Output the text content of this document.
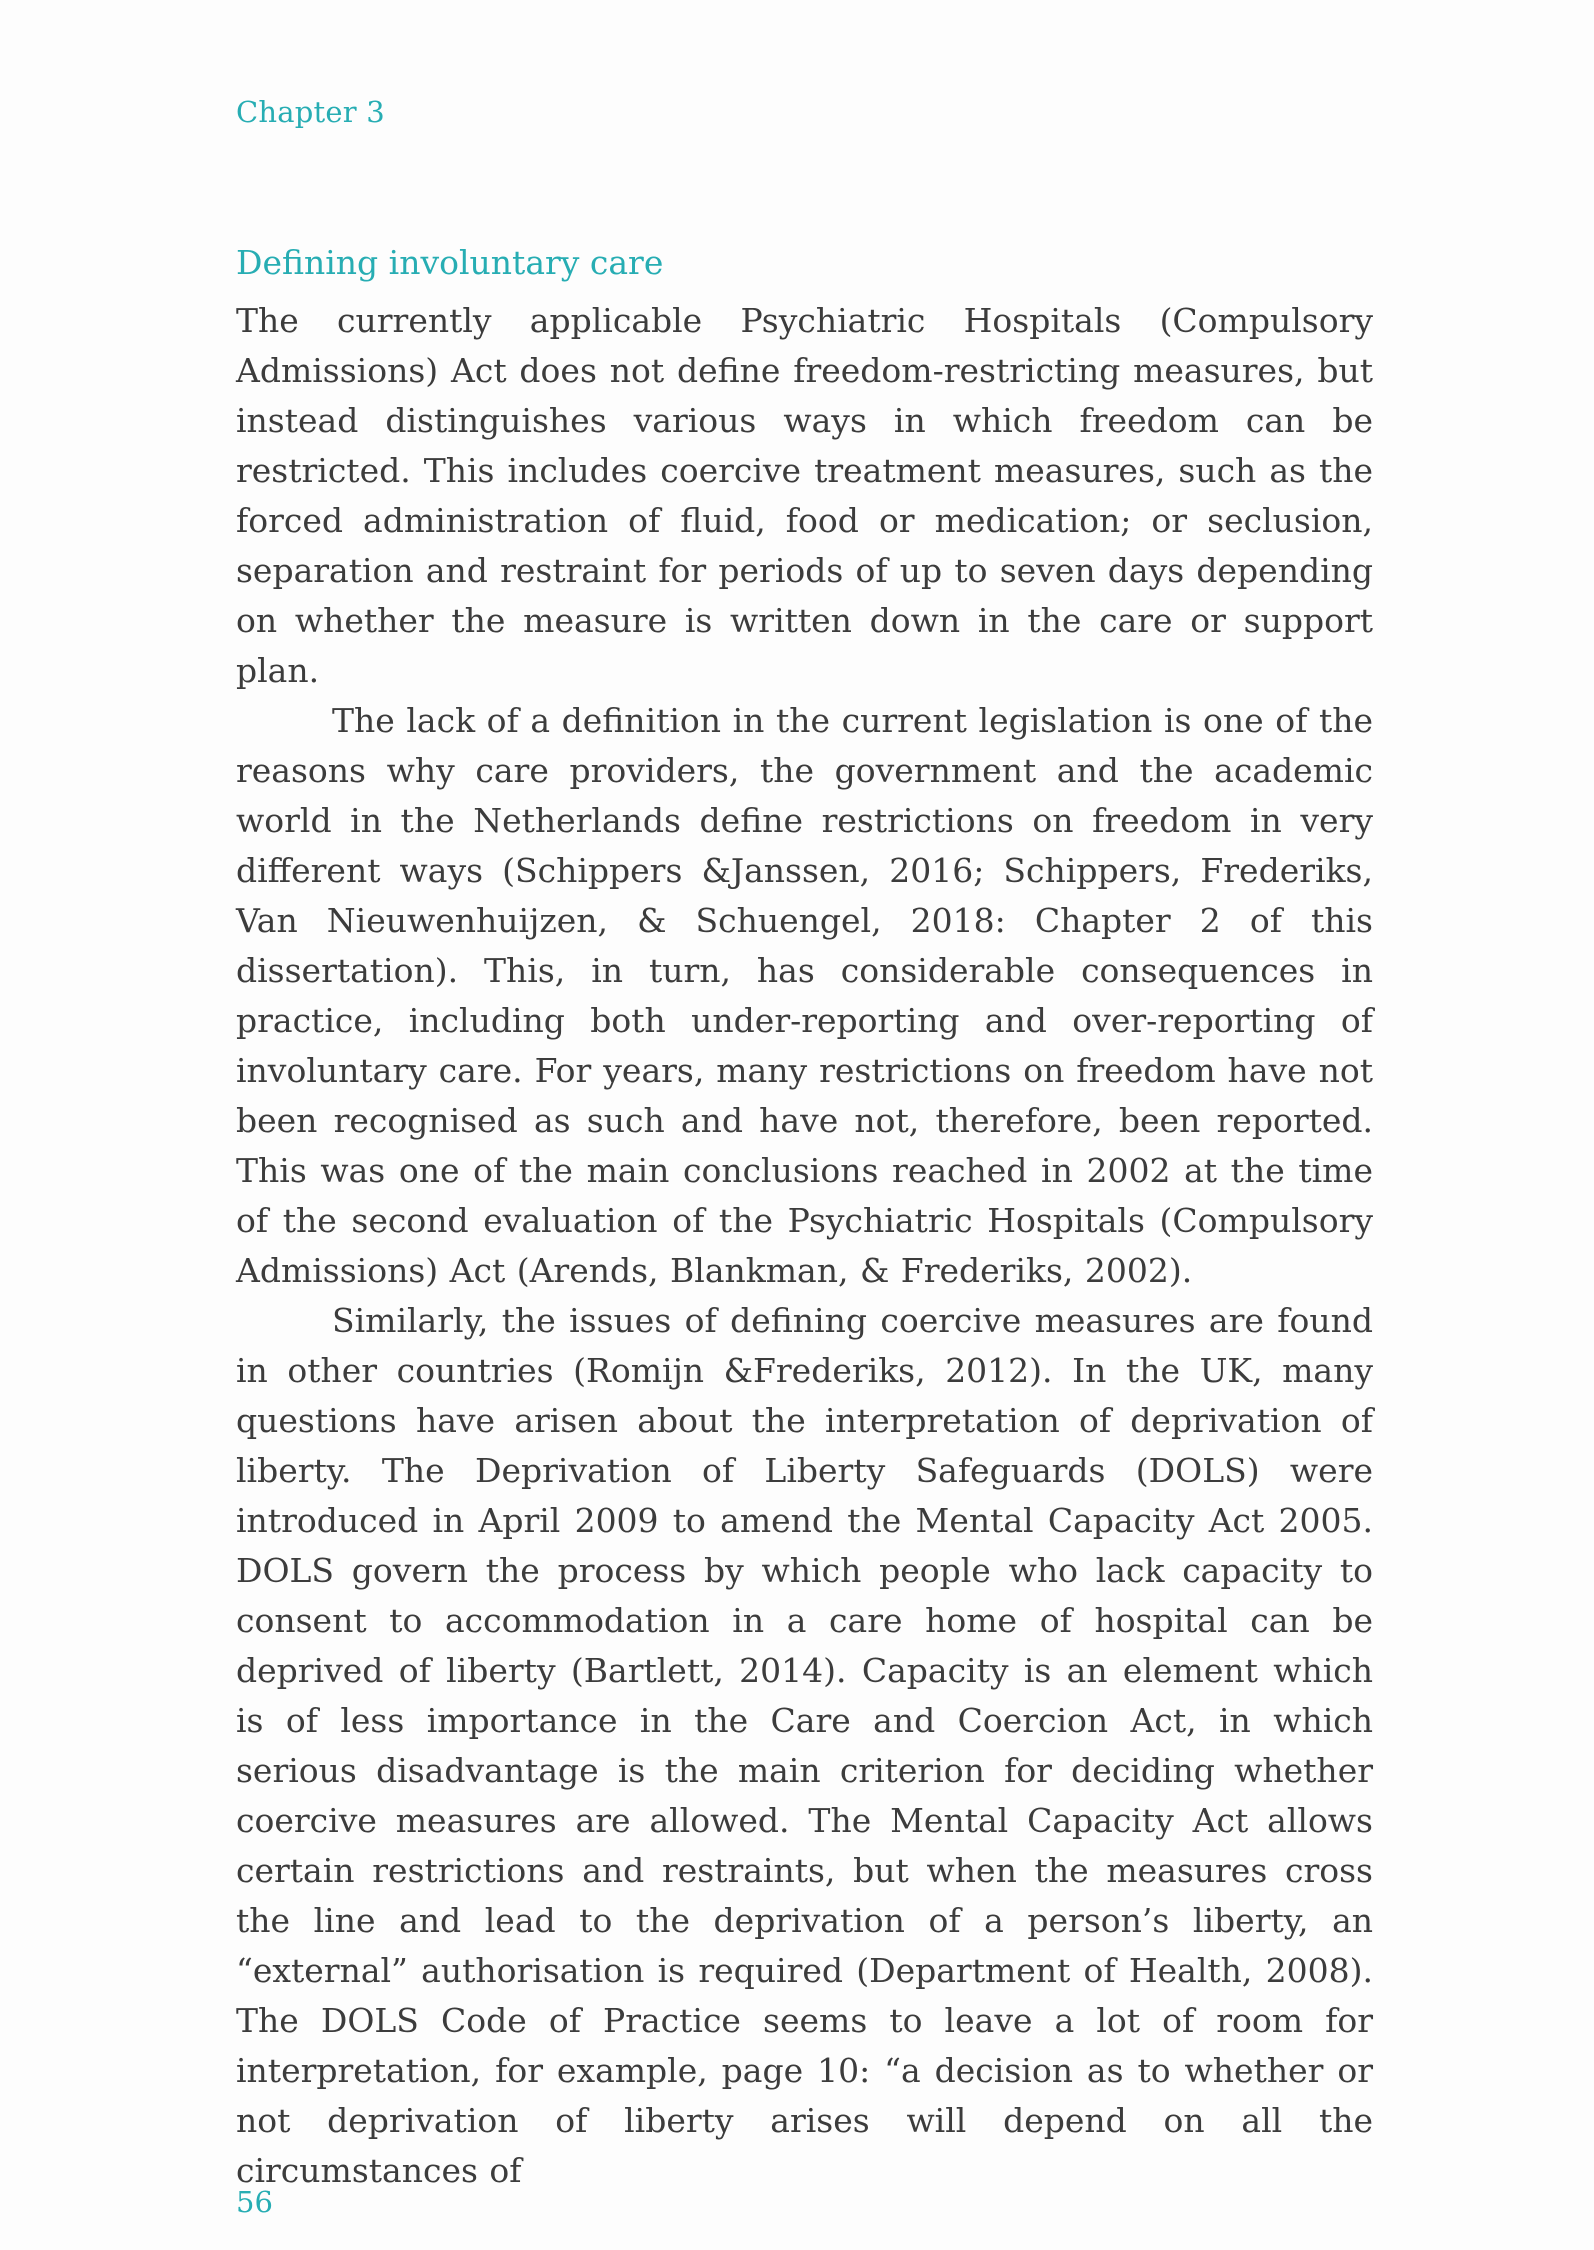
Chapter 3
Defining involuntary care

The currently applicable Psychiatric Hospitals (Compulsory Admissions) Act does not define freedom-restricting measures, but instead distinguishes various ways in which freedom can be restricted. This includes coercive treatment measures, such as the forced administration of fluid, food or medication; or seclusion, separation and restraint for periods of up to seven days depending on whether the measure is written down in the care or support plan.

The lack of a definition in the current legislation is one of the reasons why care providers, the government and the academic world in the Netherlands define restrictions on freedom in very different ways (Schippers &Janssen, 2016; Schippers, Frederiks, Van Nieuwenhuijzen, & Schuengel, 2018: Chapter 2 of this dissertation). This, in turn, has considerable consequences in practice, including both under-reporting and over-reporting of involuntary care. For years, many restrictions on freedom have not been recognised as such and have not, therefore, been reported. This was one of the main conclusions reached in 2002 at the time of the second evaluation of the Psychiatric Hospitals (Compulsory Admissions) Act (Arends, Blankman, & Frederiks, 2002).

Similarly, the issues of defining coercive measures are found in other countries (Romijn &Frederiks, 2012). In the UK, many questions have arisen about the interpretation of deprivation of liberty. The Deprivation of Liberty Safeguards (DOLS) were introduced in April 2009 to amend the Mental Capacity Act 2005. DOLS govern the process by which people who lack capacity to consent to accommodation in a care home of hospital can be deprived of liberty (Bartlett, 2014). Capacity is an element which is of less importance in the Care and Coercion Act, in which serious disadvantage is the main criterion for deciding whether coercive measures are allowed. The Mental Capacity Act allows certain restrictions and restraints, but when the measures cross the line and lead to the deprivation of a person’s liberty, an “external” authorisation is required (Department of Health, 2008). The DOLS Code of Practice seems to leave a lot of room for interpretation, for example, page 10: “a decision as to whether or not deprivation of liberty arises will depend on all the circumstances of

56
